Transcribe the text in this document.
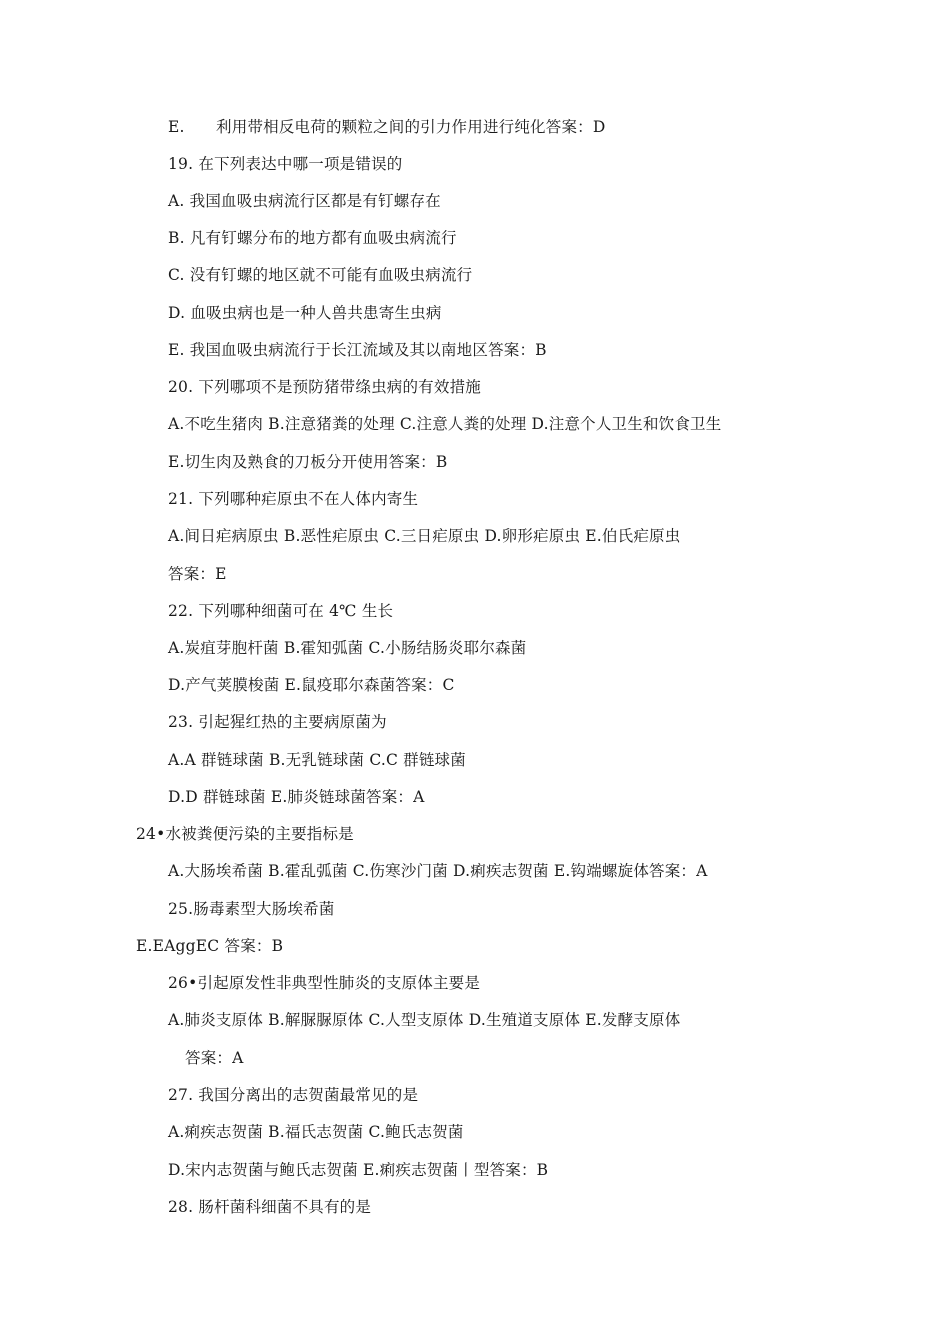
E.　　利用带相反电荷的颗粒之间的引力作用进行纯化答案：D
19. 在下列表达中哪一项是错误的
A. 我国血吸虫病流行区都是有钉螺存在
B. 凡有钉螺分布的地方都有血吸虫病流行
C. 没有钉螺的地区就不可能有血吸虫病流行
D. 血吸虫病也是一种人兽共患寄生虫病
E. 我国血吸虫病流行于长江流域及其以南地区答案：B
20. 下列哪项不是预防猪带绦虫病的有效措施
A.不吃生猪肉 B.注意猪粪的处理 C.注意人粪的处理 D.注意个人卫生和饮食卫生
E.切生肉及熟食的刀板分开使用答案：B
21. 下列哪种疟原虫不在人体内寄生
A.间日疟病原虫 B.恶性疟原虫 C.三日疟原虫 D.卵形疟原虫 E.伯氏疟原虫
答案：E
22. 下列哪种细菌可在 4℃ 生长
A.炭疽芽胞杆菌 B.霍知弧菌 C.小肠结肠炎耶尔森菌
D.产气荚膜梭菌 E.鼠疫耶尔森菌答案：C
23. 引起猩红热的主要病原菌为
A.A 群链球菌 B.无乳链球菌 C.C 群链球菌
D.D 群链球菌 E.肺炎链球菌答案：A
24•水被粪便污染的主要指标是
A.大肠埃希菌 B.霍乱弧菌 C.伤寒沙门菌 D.痢疾志贺菌 E.钩端螺旋体答案：A
25.肠毒素型大肠埃希菌
E.EAggEC 答案：B
26•引起原发性非典型性肺炎的支原体主要是
A.肺炎支原体 B.解脲脲原体 C.人型支原体 D.生殖道支原体 E.发酵支原体
答案：A
27. 我国分离出的志贺菌最常见的是
A.痢疾志贺菌 B.福氏志贺菌 C.鲍氏志贺菌
D.宋内志贺菌与鲍氏志贺菌 E.痢疾志贺菌丨型答案：B
28. 肠杆菌科细菌不具有的是
